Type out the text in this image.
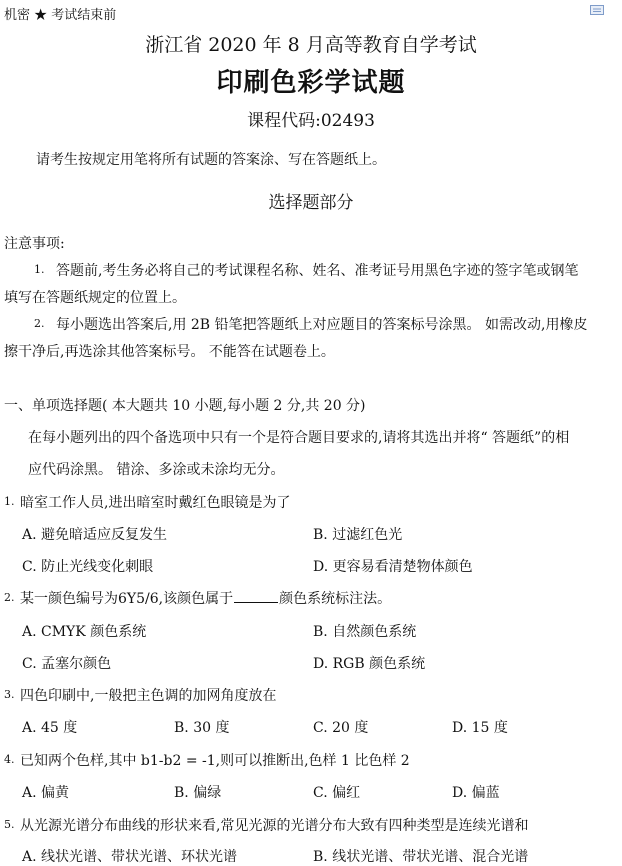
机密 ★ 考试结束前
浙江省 2020 年 8 月高等教育自学考试
印刷色彩学试题
课程代码:02493
请考生按规定用笔将所有试题的答案涂、写在答题纸上。
选择题部分
注意事项:
1. 答题前,考生务必将自己的考试课程名称、姓名、准考证号用黑色字迹的签字笔或钢笔
填写在答题纸规定的位置上。
2. 每小题选出答案后,用 2B 铅笔把答题纸上对应题目的答案标号涂黑。 如需改动,用橡皮
擦干净后,再选涂其他答案标号。 不能答在试题卷上。
一、单项选择题( 本大题共 10 小题,每小题 2 分,共 20 分)
在每小题列出的四个备选项中只有一个是符合题目要求的,请将其选出并将“ 答题纸”的相
应代码涂黑。 错涂、多涂或未涂均无分。
1. 暗室工作人员,进出暗室时戴红色眼镜是为了
A. 避免暗适应反复发生	B. 过滤红色光
C. 防止光线变化刺眼	D. 更容易看清楚物体颜色
2. 某一颜色编号为6Y5/6,该颜色属于	颜色系统标注法。
A. CMYK 颜色系统	B. 自然颜色系统
C. 孟塞尔颜色	D. RGB 颜色系统
3. 四色印刷中,一般把主色调的加网角度放在
A. 45 度	B. 30 度	C. 20 度	D. 15 度
4. 已知两个色样,其中 b1-b2 = -1,则可以推断出,色样 1 比色样 2
A. 偏黄	B. 偏绿	C. 偏红	D. 偏蓝
5. 从光源光谱分布曲线的形状来看,常见光源的光谱分布大致有四种类型是连续光谱和
A. 线状光谱、带状光谱、环状光谱	B. 线状光谱、带状光谱、混合光谱
